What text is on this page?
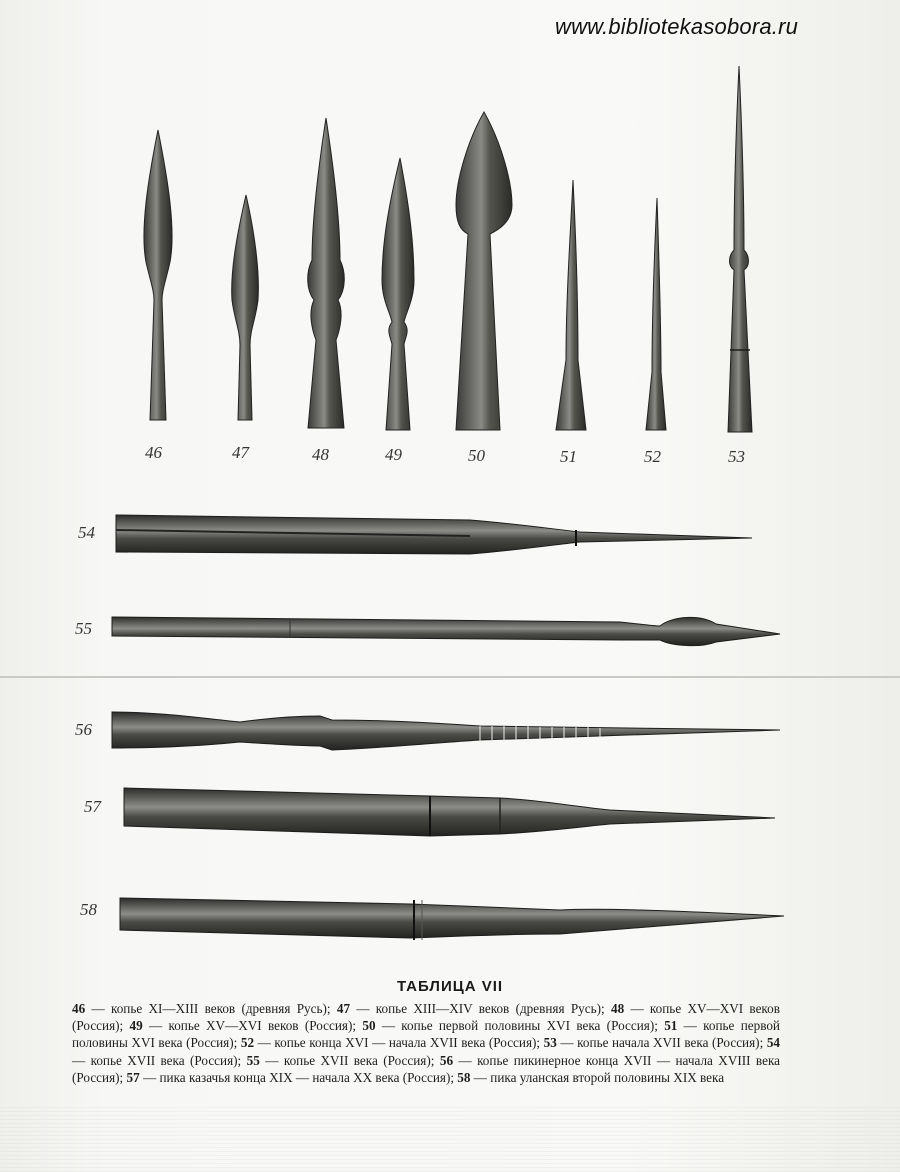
www.bibliotekasobora.ru
46	47	48	49	50	51	52	53
54
55
56
57
58
ТАБЛИЦА VII
46 — копье XI—XIII веков (древняя Русь); 47 — копье XIII—XIV веков (древняя Русь); 48 — копье XV—XVI веков (Россия); 49 — копье XV—XVI веков (Россия); 50 — копье первой половины XVI века (Россия); 51 — копье первой половины XVI века (Россия); 52 — копье конца XVI — начала XVII века (Россия); 53 — копье начала XVII века (Россия); 54 — копье XVII века (Россия); 55 — копье XVII века (Россия); 56 — копье пикинерное конца XVII — начала XVIII века (Россия); 57 — пика казачья конца XIX — начала XX века (Россия); 58 — пика уланская второй половины XIX века
